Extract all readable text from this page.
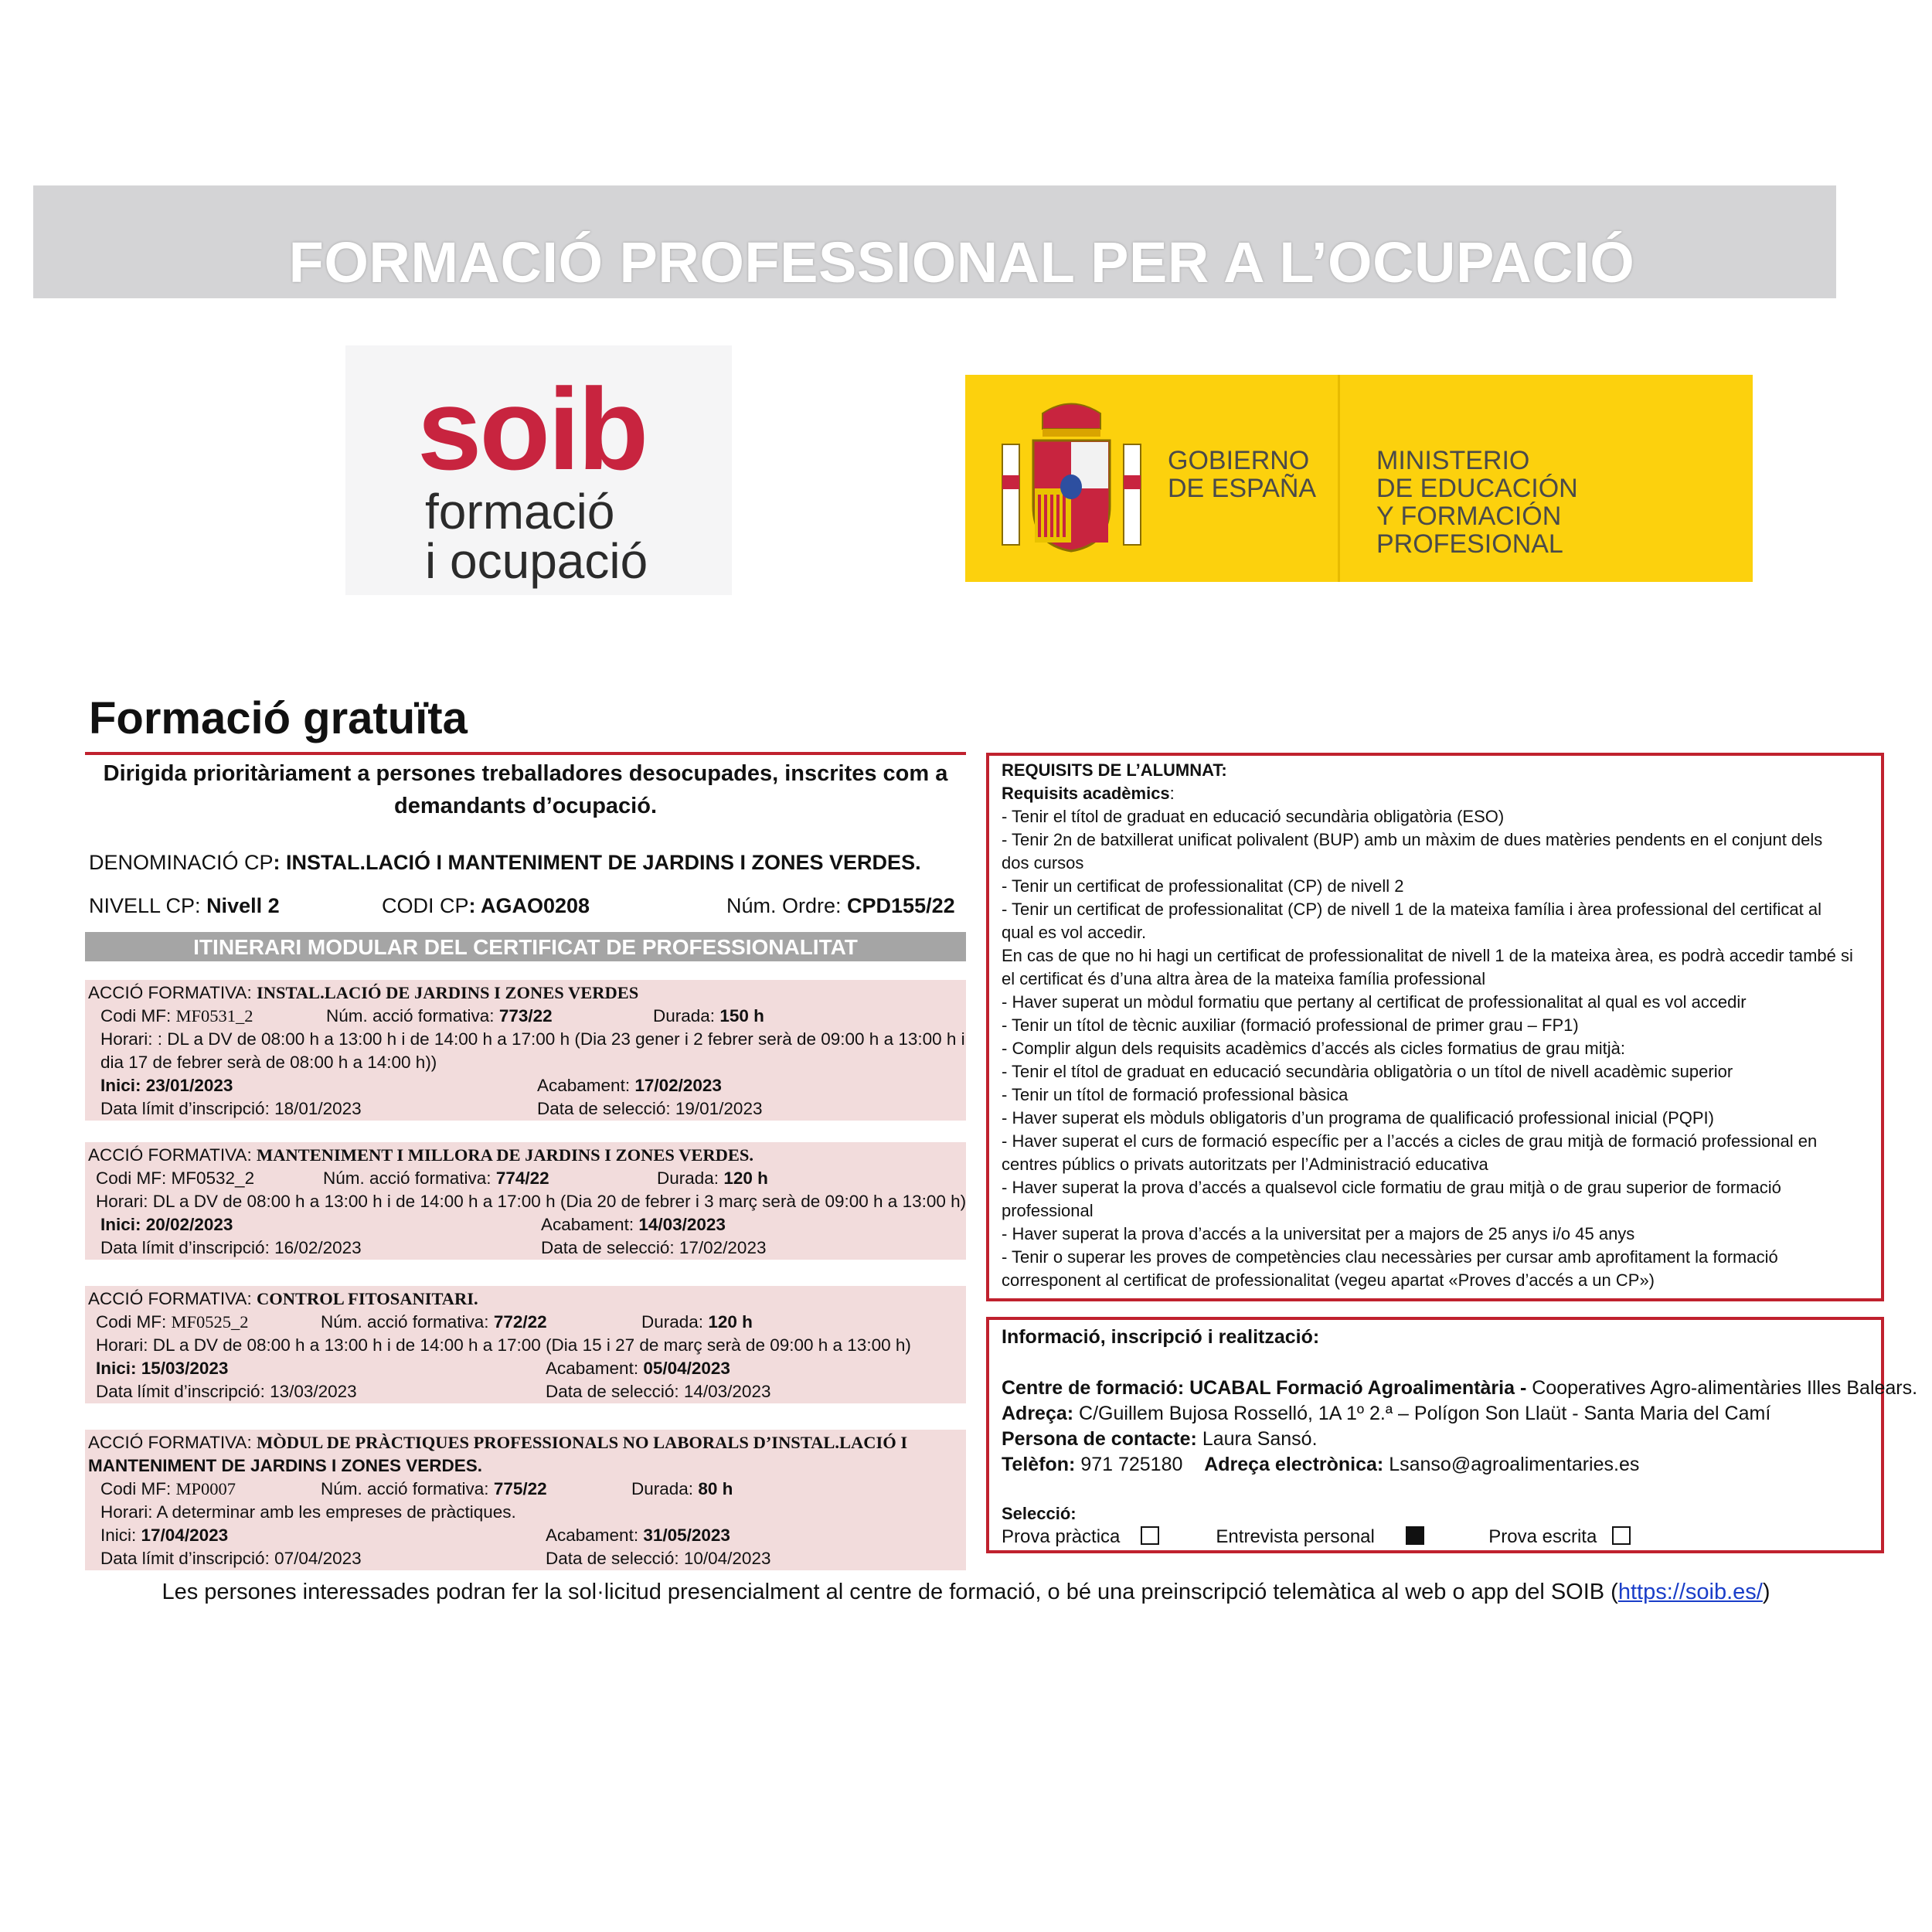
FORMACIÓ PROFESSIONAL PER A L’OCUPACIÓ
soib
formació
i ocupació
GOBIERNO
DE ESPAÑA
MINISTERIO
DE EDUCACIÓN
Y FORMACIÓN PROFESIONAL
Formació gratuïta
Dirigida prioritàriament a persones treballadores desocupades, inscrites com a
demandants d’ocupació.
DENOMINACIÓ CP: INSTAL.LACIÓ I MANTENIMENT DE JARDINS I ZONES VERDES.
NIVELL CP: Nivell 2	CODI CP: AGAO0208	Núm. Ordre: CPD155/22
ITINERARI MODULAR DEL CERTIFICAT DE PROFESSIONALITAT
ACCIÓ FORMATIVA: INSTAL.LACIÓ DE JARDINS I ZONES VERDES
Codi MF: MF0531_2	Núm. acció formativa: 773/22	Durada: 150 h
Horari: : DL a DV de 08:00 h a 13:00 h i de 14:00 h a 17:00 h (Dia 23 gener i 2 febrer serà de 09:00 h a 13:00 h i
dia 17 de febrer serà de 08:00 h a 14:00 h))
Inici: 23/01/2023	Acabament: 17/02/2023
Data límit d’inscripció: 18/01/2023	Data de selecció: 19/01/2023
ACCIÓ FORMATIVA: MANTENIMENT I MILLORA DE JARDINS I ZONES VERDES.
Codi MF: MF0532_2	Núm. acció formativa: 774/22	Durada: 120 h
Horari: DL a DV de 08:00 h a 13:00 h i de 14:00 h a 17:00 h (Dia 20 de febrer i 3 març serà de 09:00 h a 13:00 h)
Inici: 20/02/2023	Acabament: 14/03/2023
Data límit d’inscripció: 16/02/2023	Data de selecció: 17/02/2023
ACCIÓ FORMATIVA: CONTROL FITOSANITARI.
Codi MF: MF0525_2	Núm. acció formativa: 772/22	Durada: 120 h
Horari: DL a DV de 08:00 h a 13:00 h i de 14:00 h a 17:00 (Dia 15 i 27 de març serà de 09:00 h a 13:00 h)
Inici: 15/03/2023	Acabament: 05/04/2023
Data límit d’inscripció: 13/03/2023	Data de selecció: 14/03/2023
ACCIÓ FORMATIVA: MÒDUL DE PRÀCTIQUES PROFESSIONALS NO LABORALS D’INSTAL.LACIÓ I
MANTENIMENT DE JARDINS I ZONES VERDES.
Codi MF: MP0007	Núm. acció formativa: 775/22	Durada: 80 h
Horari: A determinar amb les empreses de pràctiques.
Inici: 17/04/2023	Acabament: 31/05/2023
Data límit d’inscripció: 07/04/2023	Data de selecció: 10/04/2023
REQUISITS DE L’ALUMNAT:
Requisits acadèmics:
- Tenir el títol de graduat en educació secundària obligatòria (ESO)
- Tenir 2n de batxillerat unificat polivalent (BUP) amb un màxim de dues matèries pendents en el conjunt dels
dos cursos
- Tenir un certificat de professionalitat (CP) de nivell 2
- Tenir un certificat de professionalitat (CP) de nivell 1 de la mateixa família i àrea professional del certificat al
qual es vol accedir.
En cas de que no hi hagi un certificat de professionalitat de nivell 1 de la mateixa àrea, es podrà accedir també si
el certificat és d’una altra àrea de la mateixa família professional
- Haver superat un mòdul formatiu que pertany al certificat de professionalitat al qual es vol accedir
- Tenir un títol de tècnic auxiliar (formació professional de primer grau – FP1)
- Complir algun dels requisits acadèmics d’accés als cicles formatius de grau mitjà:
- Tenir el títol de graduat en educació secundària obligatòria o un títol de nivell acadèmic superior
- Tenir un títol de formació professional bàsica
- Haver superat els mòduls obligatoris d’un programa de qualificació professional inicial (PQPI)
- Haver superat el curs de formació específic per a l’accés a cicles de grau mitjà de formació professional en
centres públics o privats autoritzats per l’Administració educativa
- Haver superat la prova d’accés a qualsevol cicle formatiu de grau mitjà o de grau superior de formació
professional
- Haver superat la prova d’accés a la universitat per a majors de 25 anys i/o 45 anys
- Tenir o superar les proves de competències clau necessàries per cursar amb aprofitament la formació
corresponent al certificat de professionalitat (vegeu apartat «Proves d’accés a un CP»)
Informació, inscripció i realització:
Centre de formació: UCABAL Formació Agroalimentària - Cooperatives Agro-alimentàries Illes Balears.
Adreça: C/Guillem Bujosa Rosselló, 1A 1º 2.ª – Polígon Son Llaüt - Santa Maria del Camí
Persona de contacte: Laura Sansó.
Telèfon: 971 725180 Adreça electrònica: Lsanso@agroalimentaries.es
Selecció:
Prova pràctica	Entrevista personal	Prova escrita
Les persones interessades podran fer la sol·licitud presencialment al centre de formació, o bé una preinscripció telemàtica al web o app del SOIB (https://soib.es/)
